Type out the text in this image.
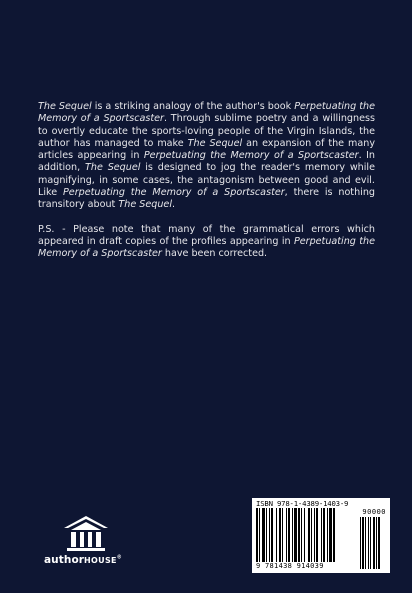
The Sequel is a striking analogy of the author's book Perpetuating the Memory of a Sportscaster. Through sublime poetry and a willingness to overtly educate the sports-loving people of the Virgin Islands, the author has managed to make The Sequel an expansion of the many articles appearing in Perpetuating the Memory of a Sportscaster. In addition, The Sequel is designed to jog the reader's memory while magnifying, in some cases, the antagonism between good and evil. Like Perpetuating the Memory of a Sportscaster, there is nothing transitory about The Sequel.

P.S. - Please note that many of the grammatical errors which appeared in draft copies of the profiles appearing in Perpetuating the Memory of a Sportscaster have been corrected.

authorHOUSE®
ISBN 978-1-4389-1403-9
90000
9 781438 914039
